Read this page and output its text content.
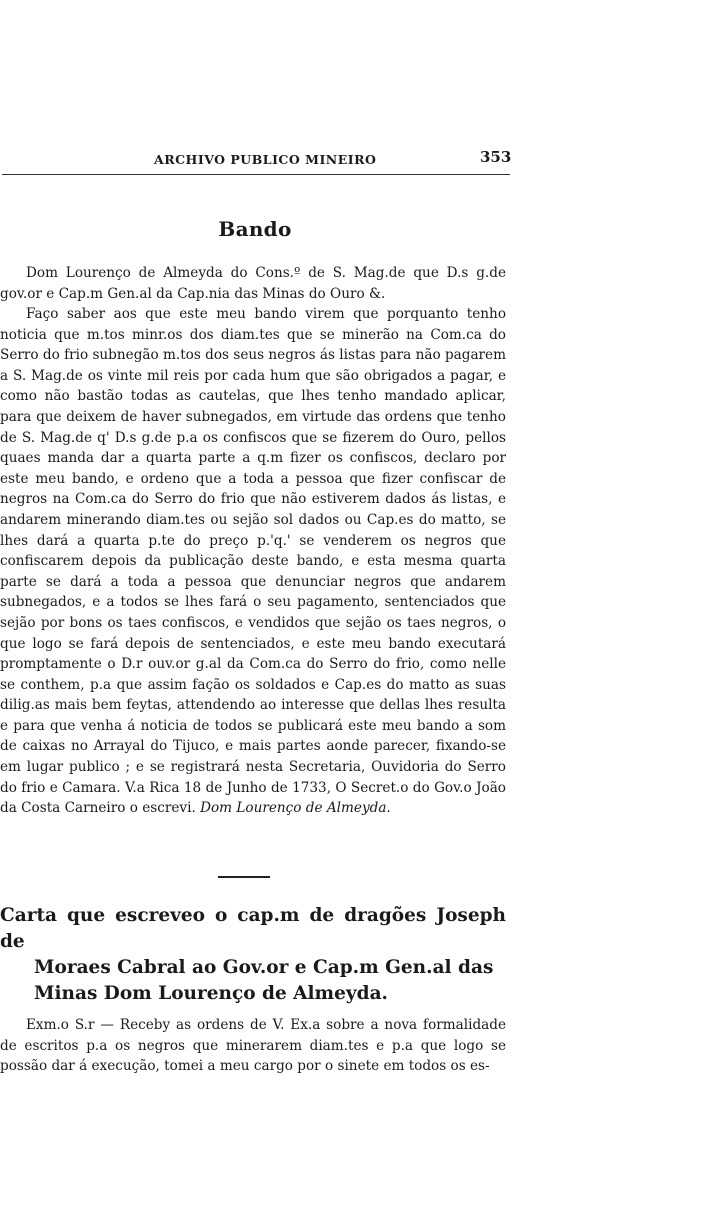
ARCHIVO PUBLICO MINEIRO	353
Bando

Dom Lourenço de Almeyda do Cons.º de S. Mag.de que D.s g.de gov.or e Cap.m Gen.al da Cap.nia das Minas do Ouro &.

Faço saber aos que este meu bando virem que porquanto tenho noticia que m.tos minr.os dos diam.tes que se minerão na Com.ca do Serro do frio subnegão m.tos dos seus negros ás listas para não pagarem a S. Mag.de os vinte mil reis por cada hum que são obrigados a pagar, e como não bastão todas as cautelas, que lhes tenho mandado aplicar, para que deixem de haver subnegados, em virtude das ordens que tenho de S. Mag.de q' D.s g.de p.a os confiscos que se fizerem do Ouro, pellos quaes manda dar a quarta parte a q.m fizer os confiscos, declaro por este meu bando, e ordeno que a toda a pessoa que fizer confiscar de negros na Com.ca do Serro do frio que não estiverem dados ás listas, e andarem minerando diam.tes ou sejão sol dados ou Cap.es do matto, se lhes dará a quarta p.te do preço p.'q.' se venderem os negros que confiscarem depois da publicação deste bando, e esta mesma quarta parte se dará a toda a pessoa que denunciar negros que andarem subnegados, e a todos se lhes fará o seu pagamento, sentenciados que sejão por bons os taes confiscos, e vendidos que sejão os taes negros, o que logo se fará depois de sentenciados, e este meu bando executará promptamente o D.r ouv.or g.al da Com.ca do Serro do frio, como nelle se conthem, p.a que assim fação os soldados e Cap.es do matto as suas dilig.as mais bem feytas, attendendo ao interesse que dellas lhes resulta e para que venha á noticia de todos se publicará este meu bando a som de caixas no Arrayal do Tijuco, e mais partes aonde parecer, fixando-se em lugar publico ; e se registrará nesta Secretaria, Ouvidoria do Serro do frio e Camara. V.a Rica 18 de Junho de 1733, O Secret.o do Gov.o João da Costa Carneiro o escrevi. Dom Lourenço de Almeyda.

Carta que escreveo o cap.m de dragões Joseph de
Moraes Cabral ao Gov.or e Cap.m Gen.al das
Minas Dom Lourenço de Almeyda.

Exm.o S.r — Receby as ordens de V. Ex.a sobre a nova formalidade de escritos p.a os negros que minerarem diam.tes e p.a que logo se possão dar á execução, tomei a meu cargo por o sinete em todos os es-
